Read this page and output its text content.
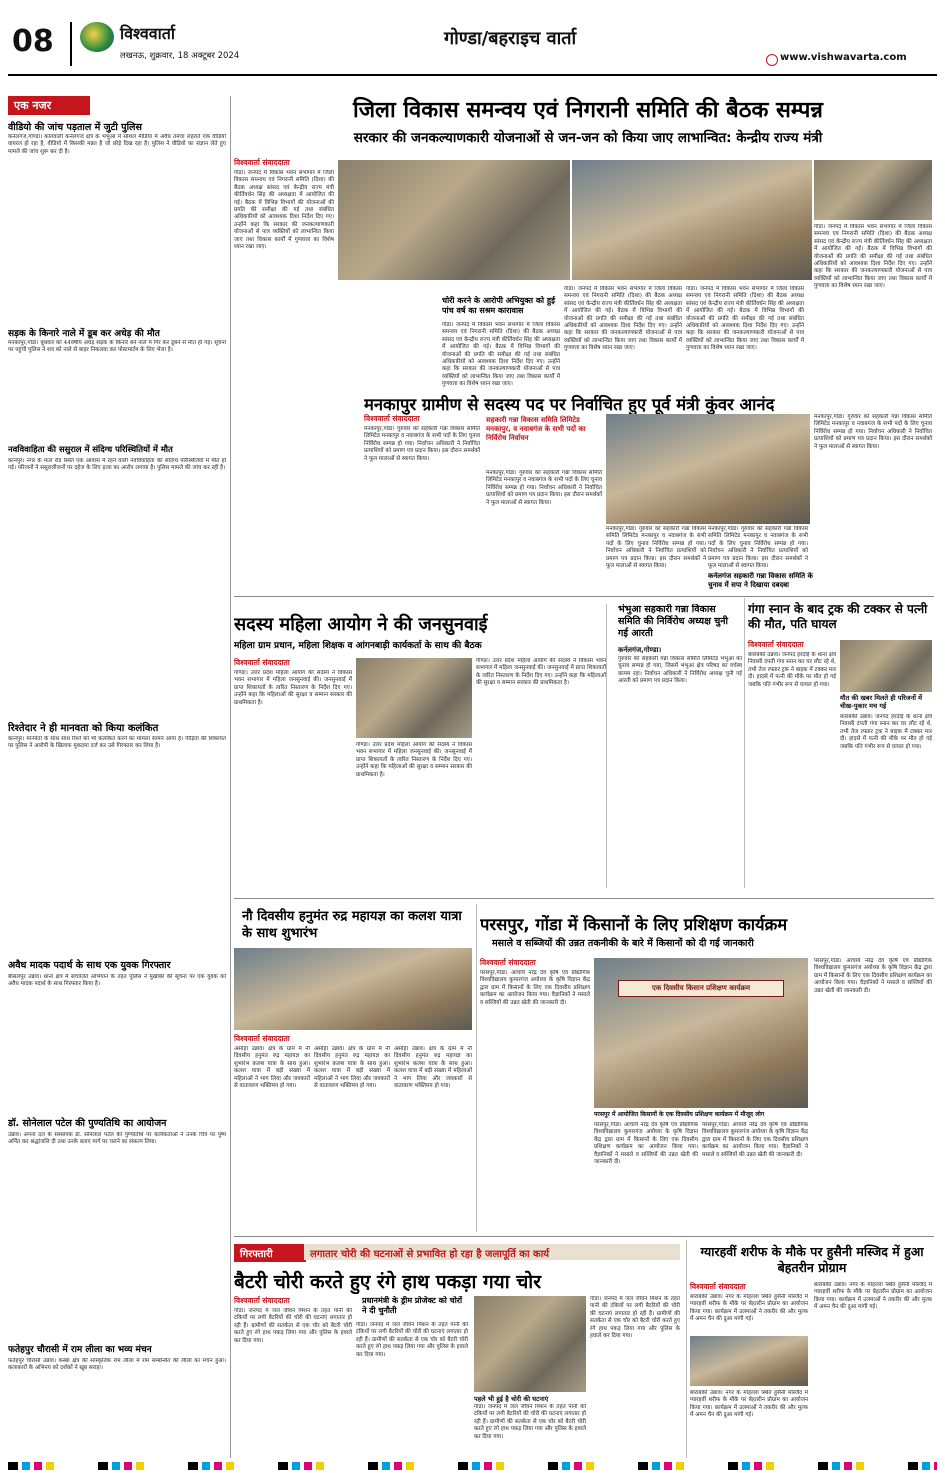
08	विश्ववार्ता
लखनऊ, शुक्रवार, 18 अक्टूबर 2024
गोण्डा/बहराइच वार्ता
www.vishwavarta.com
एक नजर
वीडियो की जांच पड़ताल में जुटी पुलिस
कर्नलगंज,गोण्डा। कोतवाली कर्नलगंज क्षेत्र के भंभुआ में सोशल मीडिया में अवैध तमंचा लहराते एक वीडियो वायरल हो रहा है, वीडियो में किसकी मन्नत है जो छोड़े दिख रहा है। पुलिस ने वीडियो का संज्ञान लेते हुए मामले की जांच शुरू कर दी है।
सड़क के किनारे नाले में डूब कर अधेड़ की मौत
मनकापुर,गोंडा। बुधवार को 44वर्षीय अधेड़ सड़क के किनारे बने नाले में गिर कर डूबने से मौत हो गई। सूचना पर पहुंची पुलिस ने शव को नाले से बाहर निकलवा कर पोस्टमार्टम के लिए भेजा है।
नवविवाहिता की ससुराल में संदिग्ध परिस्थितियों में मौत
कानपुर। नगर के माल रोड स्थित एक आवास में रहने वाली नवविवाहिता की संदिग्ध परिस्थितियों में मौत हो गई। परिजनों ने ससुरालीजनों पर दहेज के लिए हत्या का आरोप लगाया है। पुलिस मामले की जांच कर रही है।
रिश्तेदार ने ही मानवता को किया कलंकित
कानपुर। मानवता के साथ साथ रिश्ते को भी कलंकित करने का मामला सामने आया है। पीड़िता की शिकायत पर पुलिस ने आरोपी के खिलाफ मुकदमा दर्ज कर उसे गिरफ्तार कर लिया है।
अवैध मादक पदार्थ के साथ एक युवक गिरफ्तार
बीसलपुर उन्नाव। थाना क्षेत्र में संचालित अभियान के तहत पुलिस ने मुखबिर की सूचना पर एक युवक को अवैध मादक पदार्थ के साथ गिरफ्तार किया है।
डॉ. सोनेलाल पटेल की पुण्यतिथि का आयोजन
उन्नाव। अपना दल के संस्थापक डॉ. सोनेलाल पटेल की पुण्यतिथि पर कार्यकर्ताओं ने उनके चित्र पर पुष्प अर्पित कर श्रद्धांजलि दी तथा उनके बताए मार्ग पर चलने का संकल्प लिया।
फतेहपुर चौरासी में राम लीला का भव्य मंचन
फतेहपुर चौरासी उन्नाव। कस्बा क्षेत्र की सांस्कृतिक राम लीला में राम सम्बन्धित की लीला का मंचन हुआ। कलाकारों के अभिनय को दर्शकों ने खूब सराहा।
जिला विकास समन्वय एवं निगरानी समिति की बैठक सम्पन्न
सरकार की जनकल्याणकारी योजनाओं से जन-जन को किया जाए लाभान्वित: केन्द्रीय राज्य मंत्री
विश्ववार्ता संवाददाता
गोंडा। जनपद में विकास भवन सभागार में जिला विकास समन्वय एवं निगरानी समिति (दिशा) की बैठक अध्यक्ष सांसद एवं केन्द्रीय राज्य मंत्री कीर्तिवर्धन सिंह की अध्यक्षता में आयोजित की गई। बैठक में विभिन्न विभागों की योजनाओं की प्रगति की समीक्षा की गई तथा संबंधित अधिकारियों को आवश्यक दिशा निर्देश दिए गए। उन्होंने कहा कि सरकार की जनकल्याणकारी योजनाओं से पात्र व्यक्तियों को लाभान्वित किया जाए तथा विकास कार्यों में गुणवत्ता का विशेष ध्यान रखा जाए।
चोरी करने के आरोपी अभियुक्त को हुई पांच वर्ष का सश्रम कारावास
गोंडा। जनपद में विकास भवन सभागार में जिला विकास समन्वय एवं निगरानी समिति (दिशा) की बैठक अध्यक्ष सांसद एवं केन्द्रीय राज्य मंत्री कीर्तिवर्धन सिंह की अध्यक्षता में आयोजित की गई। बैठक में विभिन्न विभागों की योजनाओं की प्रगति की समीक्षा की गई तथा संबंधित अधिकारियों को आवश्यक दिशा निर्देश दिए गए। उन्होंने कहा कि सरकार की जनकल्याणकारी योजनाओं से पात्र व्यक्तियों को लाभान्वित किया जाए तथा विकास कार्यों में गुणवत्ता का विशेष ध्यान रखा जाए।
गोंडा। जनपद में विकास भवन सभागार में जिला विकास समन्वय एवं निगरानी समिति (दिशा) की बैठक अध्यक्ष सांसद एवं केन्द्रीय राज्य मंत्री कीर्तिवर्धन सिंह की अध्यक्षता में आयोजित की गई। बैठक में विभिन्न विभागों की योजनाओं की प्रगति की समीक्षा की गई तथा संबंधित अधिकारियों को आवश्यक दिशा निर्देश दिए गए। उन्होंने कहा कि सरकार की जनकल्याणकारी योजनाओं से पात्र व्यक्तियों को लाभान्वित किया जाए तथा विकास कार्यों में गुणवत्ता का विशेष ध्यान रखा जाए।
गोंडा। जनपद में विकास भवन सभागार में जिला विकास समन्वय एवं निगरानी समिति (दिशा) की बैठक अध्यक्ष सांसद एवं केन्द्रीय राज्य मंत्री कीर्तिवर्धन सिंह की अध्यक्षता में आयोजित की गई। बैठक में विभिन्न विभागों की योजनाओं की प्रगति की समीक्षा की गई तथा संबंधित अधिकारियों को आवश्यक दिशा निर्देश दिए गए। उन्होंने कहा कि सरकार की जनकल्याणकारी योजनाओं से पात्र व्यक्तियों को लाभान्वित किया जाए तथा विकास कार्यों में गुणवत्ता का विशेष ध्यान रखा जाए।
गोंडा। जनपद में विकास भवन सभागार में जिला विकास समन्वय एवं निगरानी समिति (दिशा) की बैठक अध्यक्ष सांसद एवं केन्द्रीय राज्य मंत्री कीर्तिवर्धन सिंह की अध्यक्षता में आयोजित की गई। बैठक में विभिन्न विभागों की योजनाओं की प्रगति की समीक्षा की गई तथा संबंधित अधिकारियों को आवश्यक दिशा निर्देश दिए गए। उन्होंने कहा कि सरकार की जनकल्याणकारी योजनाओं से पात्र व्यक्तियों को लाभान्वित किया जाए तथा विकास कार्यों में गुणवत्ता का विशेष ध्यान रखा जाए।
मनकापुर ग्रामीण से सदस्य पद पर निर्वाचित हुए पूर्व मंत्री कुंवर आनंद
सहकारी गन्ना विकास समिति लिमिटेड मनकापुर, व नवाबगंज के सभी पदों का निर्विरोध निर्वाचन
विश्ववार्ता संवाददाता
मनकापुर,गोंडा। गुरुवार को सहकारी गन्ना विकास समिति लिमिटेड मनकापुर व नवाबगंज के सभी पदों के लिए चुनाव निर्विरोध सम्पन्न हो गया। निर्वाचन अधिकारी ने निर्वाचित प्रत्याशियों को प्रमाण पत्र प्रदान किया। इस दौरान समर्थकों ने फूल मालाओं से स्वागत किया।
मनकापुर,गोंडा। गुरुवार को सहकारी गन्ना विकास समिति लिमिटेड मनकापुर व नवाबगंज के सभी पदों के लिए चुनाव निर्विरोध सम्पन्न हो गया। निर्वाचन अधिकारी ने निर्वाचित प्रत्याशियों को प्रमाण पत्र प्रदान किया। इस दौरान समर्थकों ने फूल मालाओं से स्वागत किया।
मनकापुर,गोंडा। गुरुवार को सहकारी गन्ना विकास समिति लिमिटेड मनकापुर व नवाबगंज के सभी पदों के लिए चुनाव निर्विरोध सम्पन्न हो गया। निर्वाचन अधिकारी ने निर्वाचित प्रत्याशियों को प्रमाण पत्र प्रदान किया। इस दौरान समर्थकों ने फूल मालाओं से स्वागत किया।
मनकापुर,गोंडा। गुरुवार को सहकारी गन्ना विकास समिति लिमिटेड मनकापुर व नवाबगंज के सभी पदों के लिए चुनाव निर्विरोध सम्पन्न हो गया। निर्वाचन अधिकारी ने निर्वाचित प्रत्याशियों को प्रमाण पत्र प्रदान किया। इस दौरान समर्थकों ने फूल मालाओं से स्वागत किया।
कर्नलगंज सहकारी गन्ना विकास समिति के चुनाव में सपा ने दिखाया दबदबा
मनकापुर,गोंडा। गुरुवार को सहकारी गन्ना विकास समिति लिमिटेड मनकापुर व नवाबगंज के सभी पदों के लिए चुनाव निर्विरोध सम्पन्न हो गया। निर्वाचन अधिकारी ने निर्वाचित प्रत्याशियों को प्रमाण पत्र प्रदान किया। इस दौरान समर्थकों ने फूल मालाओं से स्वागत किया।
सदस्य महिला आयोग ने की जनसुनवाई
महिला ग्राम प्रधान, महिला शिक्षक व आंगनबाड़ी कार्यकर्ता के साथ की बैठक
विश्ववार्ता संवाददाता
गोण्डा। उत्तर प्रदेश महिला आयोग की सदस्य ने विकास भवन सभागार में महिला जनसुनवाई की। जनसुनवाई में प्राप्त शिकायतों के त्वरित निस्तारण के निर्देश दिए गए। उन्होंने कहा कि महिलाओं की सुरक्षा व सम्मान सरकार की प्राथमिकता है।
गोण्डा। उत्तर प्रदेश महिला आयोग की सदस्य ने विकास भवन सभागार में महिला जनसुनवाई की। जनसुनवाई में प्राप्त शिकायतों के त्वरित निस्तारण के निर्देश दिए गए। उन्होंने कहा कि महिलाओं की सुरक्षा व सम्मान सरकार की प्राथमिकता है।
गोण्डा। उत्तर प्रदेश महिला आयोग की सदस्य ने विकास भवन सभागार में महिला जनसुनवाई की। जनसुनवाई में प्राप्त शिकायतों के त्वरित निस्तारण के निर्देश दिए गए। उन्होंने कहा कि महिलाओं की सुरक्षा व सम्मान सरकार की प्राथमिकता है।
भंभुआ सहकारी गन्ना विकास समिति की निर्विरोध अध्यक्ष चुनी गई आरती
कर्नलगंज,गोण्डा।
गुरुवार को सहकारी गन्ना विकास समिति लिमिटेड भंभुआ का चुनाव सम्पन्न हो गया, जिसमें भंभुआ क्षेत्र परिषद का वर्चस्व कायम रहा। निर्वाचन अधिकारी ने निर्विरोध अध्यक्ष चुनी गई आरती को प्रमाण पत्र प्रदान किया।
गंगा स्नान के बाद ट्रक की टक्कर से पत्नी की मौत, पति घायल
विश्ववार्ता संवाददाता
बाराबंकी उन्नाव। जनपद हरदोई के थाना क्षेत्र निवासी दंपती गंगा स्नान कर घर लौट रहे थे, तभी तेज रफ्तार ट्रक ने बाइक में टक्कर मार दी। हादसे में पत्नी की मौके पर मौत हो गई जबकि पति गंभीर रूप से घायल हो गया।
मौत की खबर मिलते ही परिजनों में चीख-पुकार मच गई
बाराबंकी उन्नाव। जनपद हरदोई के थाना क्षेत्र निवासी दंपती गंगा स्नान कर घर लौट रहे थे, तभी तेज रफ्तार ट्रक ने बाइक में टक्कर मार दी। हादसे में पत्नी की मौके पर मौत हो गई जबकि पति गंभीर रूप से घायल हो गया।
नौ दिवसीय हनुमंत रुद्र महायज्ञ का कलश यात्रा के साथ शुभारंभ
विश्ववार्ता संवाददाता
असोहा उन्नाव। क्षेत्र के ग्राम में नौ दिवसीय हनुमंत रुद्र महायज्ञ का शुभारंभ कलश यात्रा के साथ हुआ। कलश यात्रा में बड़ी संख्या में महिलाओं ने भाग लिया और जयकारों से वातावरण भक्तिमय हो गया।
असोहा उन्नाव। क्षेत्र के ग्राम में नौ दिवसीय हनुमंत रुद्र महायज्ञ का शुभारंभ कलश यात्रा के साथ हुआ। कलश यात्रा में बड़ी संख्या में महिलाओं ने भाग लिया और जयकारों से वातावरण भक्तिमय हो गया।
असोहा उन्नाव। क्षेत्र के ग्राम में नौ दिवसीय हनुमंत रुद्र महायज्ञ का शुभारंभ कलश यात्रा के साथ हुआ। कलश यात्रा में बड़ी संख्या में महिलाओं ने भाग लिया और जयकारों से वातावरण भक्तिमय हो गया।
परसपुर, गोंडा में किसानों के लिए प्रशिक्षण कार्यक्रम
मसाले व सब्जियों की उन्नत तकनीकी के बारे में किसानों को दी गई जानकारी
विश्ववार्ता संवाददाता
परसपुर,गोंडा। आचार्य नरेंद्र देव कृषि एवं प्रौद्योगिक विश्वविद्यालय कुमारगंज अयोध्या के कृषि विज्ञान केंद्र द्वारा ग्राम में किसानों के लिए एक दिवसीय प्रशिक्षण कार्यक्रम का आयोजन किया गया। वैज्ञानिकों ने मसाले व सब्जियों की उन्नत खेती की जानकारी दी।
एक दिवसीय किसान प्रशिक्षण कार्यक्रम
परसपुर में आयोजित किसानों के एक दिवसीय प्रशिक्षण कार्यक्रम में मौजूद लोग
परसपुर,गोंडा। आचार्य नरेंद्र देव कृषि एवं प्रौद्योगिक विश्वविद्यालय कुमारगंज अयोध्या के कृषि विज्ञान केंद्र द्वारा ग्राम में किसानों के लिए एक दिवसीय प्रशिक्षण कार्यक्रम का आयोजन किया गया। वैज्ञानिकों ने मसाले व सब्जियों की उन्नत खेती की जानकारी दी।
परसपुर,गोंडा। आचार्य नरेंद्र देव कृषि एवं प्रौद्योगिक विश्वविद्यालय कुमारगंज अयोध्या के कृषि विज्ञान केंद्र द्वारा ग्राम में किसानों के लिए एक दिवसीय प्रशिक्षण कार्यक्रम का आयोजन किया गया। वैज्ञानिकों ने मसाले व सब्जियों की उन्नत खेती की जानकारी दी।
परसपुर,गोंडा। आचार्य नरेंद्र देव कृषि एवं प्रौद्योगिक विश्वविद्यालय कुमारगंज अयोध्या के कृषि विज्ञान केंद्र द्वारा ग्राम में किसानों के लिए एक दिवसीय प्रशिक्षण कार्यक्रम का आयोजन किया गया। वैज्ञानिकों ने मसाले व सब्जियों की उन्नत खेती की जानकारी दी।
गिरफ्तारी	लगातार चोरी की घटनाओं से प्रभावित हो रहा है जलापूर्ति का कार्य
बैटरी चोरी करते हुए रंगे हाथ पकड़ा गया चोर
विश्ववार्ता संवाददाता
गोंडा। जनपद में जल जीवन मिशन के तहत पानी की टंकियों पर लगी बैटरियों की चोरी की घटनाएं लगातार हो रही हैं। ग्रामीणों की सतर्कता से एक चोर को बैटरी चोरी करते हुए रंगे हाथ पकड़ लिया गया और पुलिस के हवाले कर दिया गया।
प्रधानमंत्री के ड्रीम प्रोजेक्ट को चोरों ने दी चुनौती
गोंडा। जनपद में जल जीवन मिशन के तहत पानी की टंकियों पर लगी बैटरियों की चोरी की घटनाएं लगातार हो रही हैं। ग्रामीणों की सतर्कता से एक चोर को बैटरी चोरी करते हुए रंगे हाथ पकड़ लिया गया और पुलिस के हवाले कर दिया गया।
पहले भी हुई है चोरी की घटनाएं
गोंडा। जनपद में जल जीवन मिशन के तहत पानी की टंकियों पर लगी बैटरियों की चोरी की घटनाएं लगातार हो रही हैं। ग्रामीणों की सतर्कता से एक चोर को बैटरी चोरी करते हुए रंगे हाथ पकड़ लिया गया और पुलिस के हवाले कर दिया गया।
गोंडा। जनपद में जल जीवन मिशन के तहत पानी की टंकियों पर लगी बैटरियों की चोरी की घटनाएं लगातार हो रही हैं। ग्रामीणों की सतर्कता से एक चोर को बैटरी चोरी करते हुए रंगे हाथ पकड़ लिया गया और पुलिस के हवाले कर दिया गया।
ग्यारहवीं शरीफ के मौके पर हुसैनी मस्जिद में हुआ बेहतरीन प्रोग्राम
विश्ववार्ता संवाददाता
बाराबंकी उन्नाव। नगर के मोहल्ला स्थित हुसैनी मस्जिद में ग्यारहवीं शरीफ के मौके पर बेहतरीन प्रोग्राम का आयोजन किया गया। कार्यक्रम में उलमाओं ने तकरीर की और मुल्क में अमन चैन की दुआ मांगी गई।
बाराबंकी उन्नाव। नगर के मोहल्ला स्थित हुसैनी मस्जिद में ग्यारहवीं शरीफ के मौके पर बेहतरीन प्रोग्राम का आयोजन किया गया। कार्यक्रम में उलमाओं ने तकरीर की और मुल्क में अमन चैन की दुआ मांगी गई।
बाराबंकी उन्नाव। नगर के मोहल्ला स्थित हुसैनी मस्जिद में ग्यारहवीं शरीफ के मौके पर बेहतरीन प्रोग्राम का आयोजन किया गया। कार्यक्रम में उलमाओं ने तकरीर की और मुल्क में अमन चैन की दुआ मांगी गई।
